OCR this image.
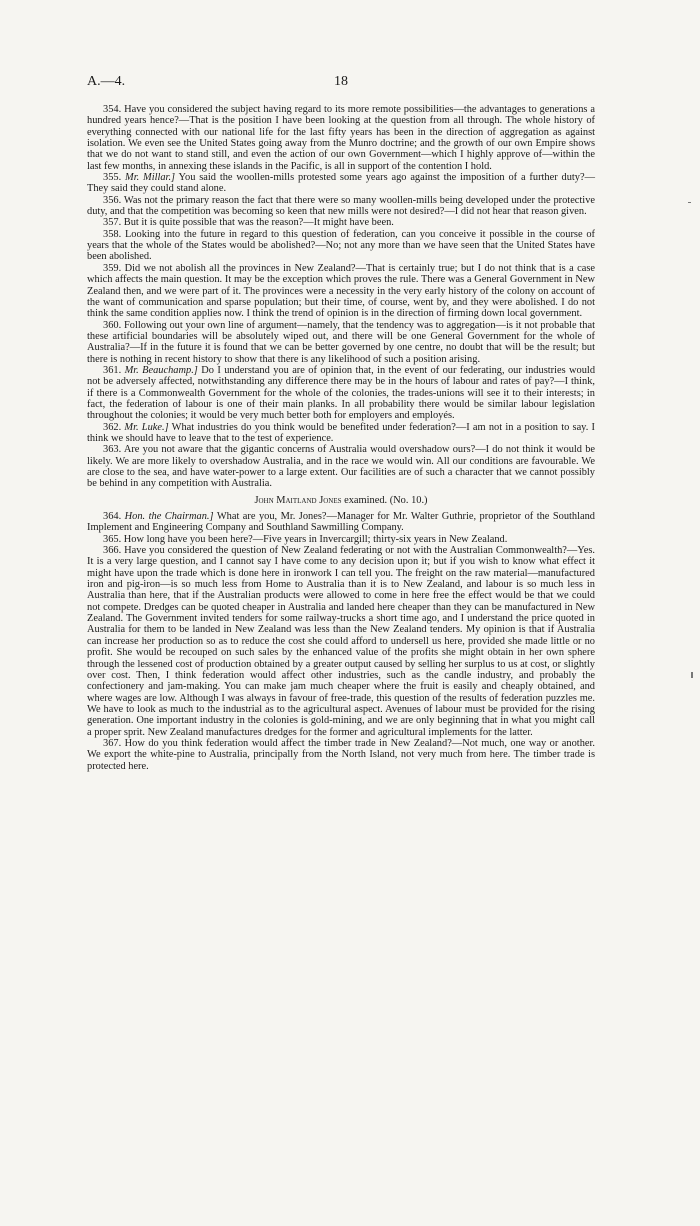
A.—4.	18

354. Have you considered the subject having regard to its more remote possibilities—the advantages to generations a hundred years hence?—That is the position I have been looking at the question from all through. The whole history of everything connected with our national life for the last fifty years has been in the direction of aggregation as against isolation. We even see the United States going away from the Munro doctrine; and the growth of our own Empire shows that we do not want to stand still, and even the action of our own Government—which I highly approve of—within the last few months, in annexing these islands in the Pacific, is all in support of the contention I hold.

355. Mr. Millar.] You said the woollen-mills protested some years ago against the imposition of a further duty?—They said they could stand alone.

356. Was not the primary reason the fact that there were so many woollen-mills being developed under the protective duty, and that the competition was becoming so keen that new mills were not desired?—I did not hear that reason given.

357. But it is quite possible that was the reason?—It might have been.

358. Looking into the future in regard to this question of federation, can you conceive it possible in the course of years that the whole of the States would be abolished?—No; not any more than we have seen that the United States have been abolished.

359. Did we not abolish all the provinces in New Zealand?—That is certainly true; but I do not think that is a case which affects the main question. It may be the exception which proves the rule. There was a General Government in New Zealand then, and we were part of it. The provinces were a necessity in the very early history of the colony on account of the want of communication and sparse population; but their time, of course, went by, and they were abolished. I do not think the same condition applies now. I think the trend of opinion is in the direction of firming down local government.

360. Following out your own line of argument—namely, that the tendency was to aggregation—is it not probable that these artificial boundaries will be absolutely wiped out, and there will be one General Government for the whole of Australia?—If in the future it is found that we can be better governed by one centre, no doubt that will be the result; but there is nothing in recent history to show that there is any likelihood of such a position arising.

361. Mr. Beauchamp.] Do I understand you are of opinion that, in the event of our federating, our industries would not be adversely affected, notwithstanding any difference there may be in the hours of labour and rates of pay?—I think, if there is a Commonwealth Government for the whole of the colonies, the trades-unions will see it to their interests; in fact, the federation of labour is one of their main planks. In all probability there would be similar labour legislation throughout the colonies; it would be very much better both for employers and employés.

362. Mr. Luke.] What industries do you think would be benefited under federation?—I am not in a position to say. I think we should have to leave that to the test of experience.

363. Are you not aware that the gigantic concerns of Australia would overshadow ours?—I do not think it would be likely. We are more likely to overshadow Australia, and in the race we would win. All our conditions are favourable. We are close to the sea, and have water-power to a large extent. Our facilities are of such a character that we cannot possibly be behind in any competition with Australia.

John Maitland Jones examined. (No. 10.)

364. Hon. the Chairman.] What are you, Mr. Jones?—Manager for Mr. Walter Guthrie, proprietor of the Southland Implement and Engineering Company and Southland Sawmilling Company.

365. How long have you been here?—Five years in Invercargill; thirty-six years in New Zealand.

366. Have you considered the question of New Zealand federating or not with the Australian Commonwealth?—Yes. It is a very large question, and I cannot say I have come to any decision upon it; but if you wish to know what effect it might have upon the trade which is done here in ironwork I can tell you. The freight on the raw material—manufactured iron and pig-iron—is so much less from Home to Australia than it is to New Zealand, and labour is so much less in Australia than here, that if the Australian products were allowed to come in here free the effect would be that we could not compete. Dredges can be quoted cheaper in Australia and landed here cheaper than they can be manufactured in New Zealand. The Government invited tenders for some railway-trucks a short time ago, and I understand the price quoted in Australia for them to be landed in New Zealand was less than the New Zealand tenders. My opinion is that if Australia can increase her production so as to reduce the cost she could afford to undersell us here, provided she made little or no profit. She would be recouped on such sales by the enhanced value of the profits she might obtain in her own sphere through the lessened cost of production obtained by a greater output caused by selling her surplus to us at cost, or slightly over cost. Then, I think federation would affect other industries, such as the candle industry, and probably the confectionery and jam-making. You can make jam much cheaper where the fruit is easily and cheaply obtained, and where wages are low. Although I was always in favour of free-trade, this question of the results of federation puzzles me. We have to look as much to the industrial as to the agricultural aspect. Avenues of labour must be provided for the rising generation. One important industry in the colonies is gold-mining, and we are only beginning that in what you might call a proper sprit. New Zealand manufactures dredges for the former and agricultural implements for the latter.

367. How do you think federation would affect the timber trade in New Zealand?—Not much, one way or another. We export the white-pine to Australia, principally from the North Island, not very much from here. The timber trade is protected here.
